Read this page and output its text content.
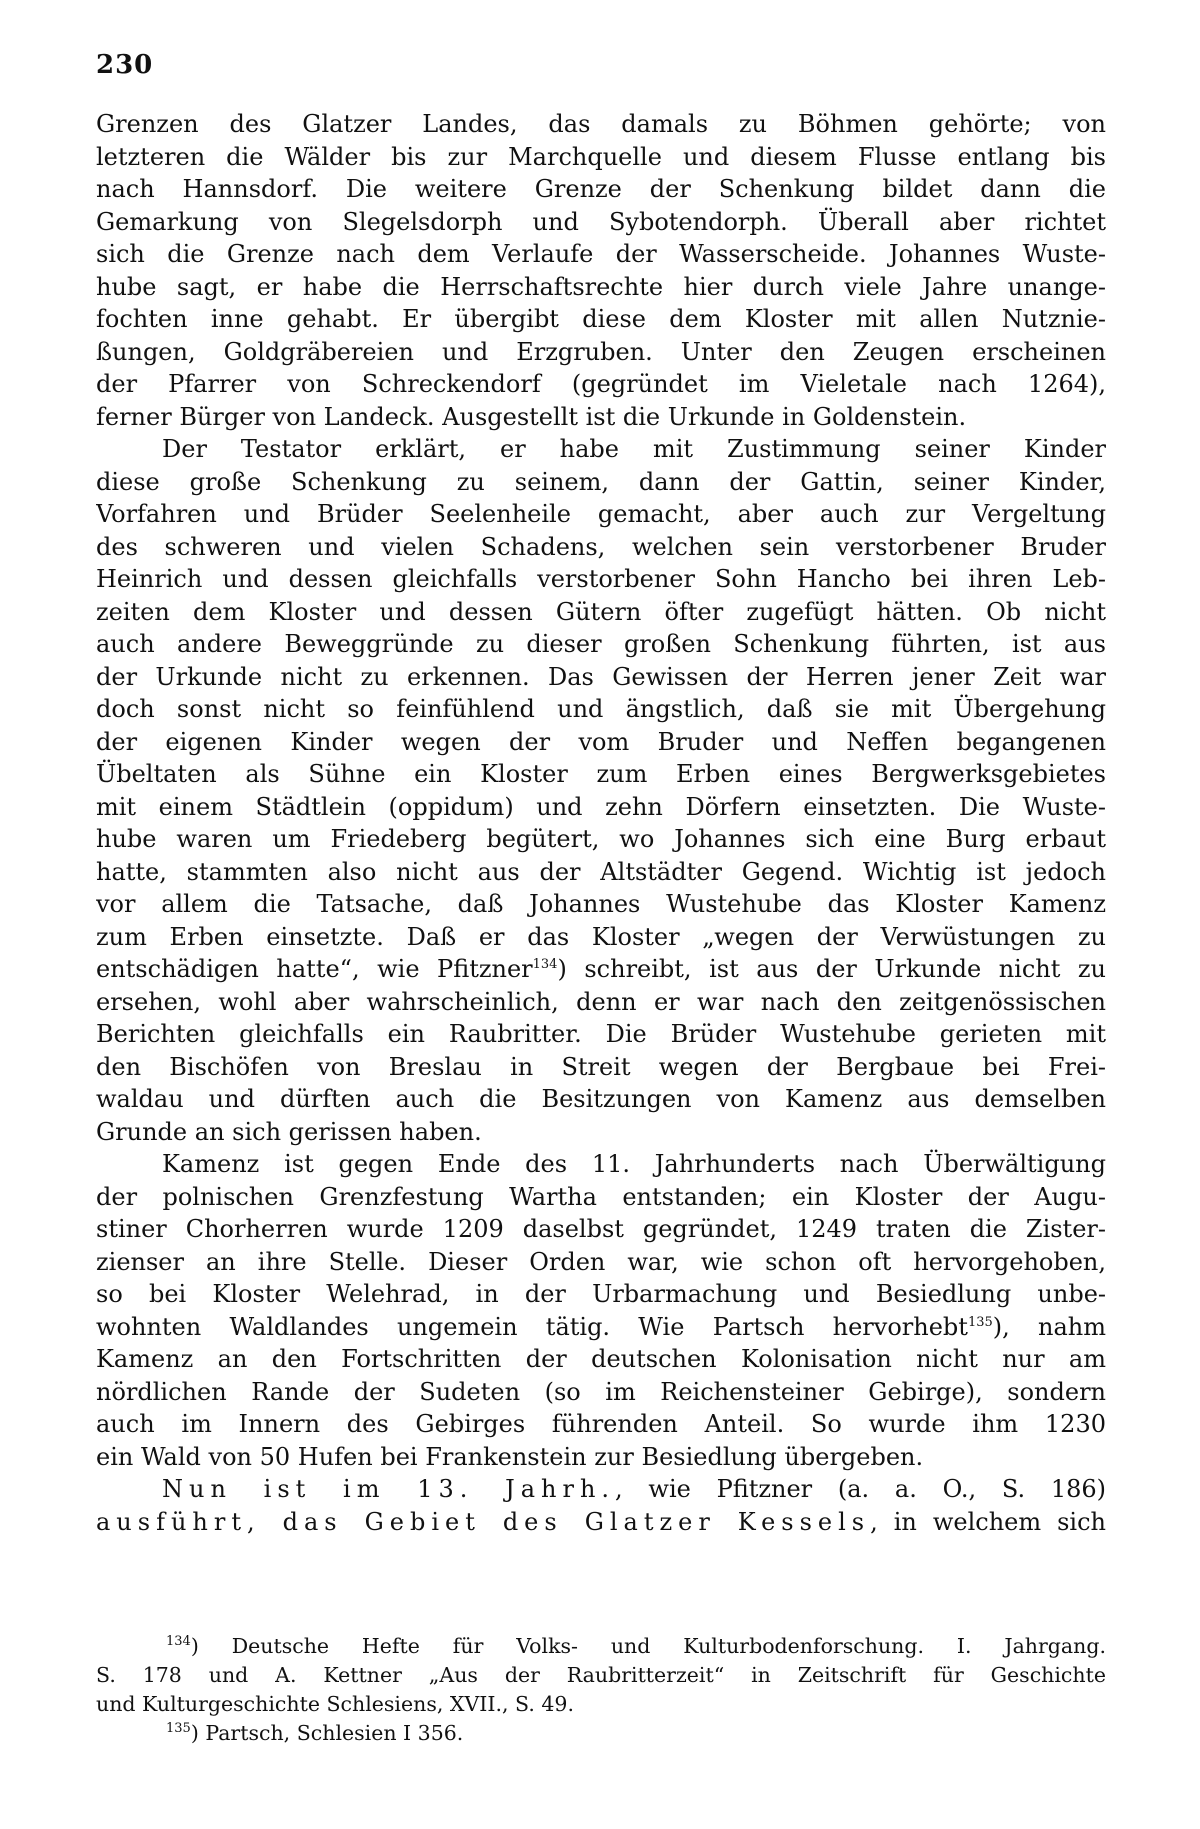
230
Grenzen des Glatzer Landes, das damals zu Böhmen gehörte; von
letzteren die Wälder bis zur Marchquelle und diesem Flusse entlang bis
nach Hannsdorf. Die weitere Grenze der Schenkung bildet dann die
Gemarkung von Slegelsdorph und Sybotendorph. Überall aber richtet
sich die Grenze nach dem Verlaufe der Wasserscheide. Johannes Wuste-
hube sagt, er habe die Herrschaftsrechte hier durch viele Jahre unange-
fochten inne gehabt. Er übergibt diese dem Kloster mit allen Nutznie-
ßungen, Goldgräbereien und Erzgruben. Unter den Zeugen erscheinen
der Pfarrer von Schreckendorf (gegründet im Vieletale nach 1264),
ferner Bürger von Landeck. Ausgestellt ist die Urkunde in Goldenstein.
Der Testator erklärt, er habe mit Zustimmung seiner Kinder
diese große Schenkung zu seinem, dann der Gattin, seiner Kinder,
Vorfahren und Brüder Seelenheile gemacht, aber auch zur Vergeltung
des schweren und vielen Schadens, welchen sein verstorbener Bruder
Heinrich und dessen gleichfalls verstorbener Sohn Hancho bei ihren Leb-
zeiten dem Kloster und dessen Gütern öfter zugefügt hätten. Ob nicht
auch andere Beweggründe zu dieser großen Schenkung führten, ist aus
der Urkunde nicht zu erkennen. Das Gewissen der Herren jener Zeit war
doch sonst nicht so feinfühlend und ängstlich, daß sie mit Übergehung
der eigenen Kinder wegen der vom Bruder und Neffen begangenen
Übeltaten als Sühne ein Kloster zum Erben eines Bergwerksgebietes
mit einem Städtlein (oppidum) und zehn Dörfern einsetzten. Die Wuste-
hube waren um Friedeberg begütert, wo Johannes sich eine Burg erbaut
hatte, stammten also nicht aus der Altstädter Gegend. Wichtig ist jedoch
vor allem die Tatsache, daß Johannes Wustehube das Kloster Kamenz
zum Erben einsetzte. Daß er das Kloster „wegen der Verwüstungen zu
entschädigen hatte“, wie Pfitzner$^{134}$) schreibt, ist aus der Urkunde nicht zu
ersehen, wohl aber wahrscheinlich, denn er war nach den zeitgenössischen
Berichten gleichfalls ein Raubritter. Die Brüder Wustehube gerieten mit
den Bischöfen von Breslau in Streit wegen der Bergbaue bei Frei-
waldau und dürften auch die Besitzungen von Kamenz aus demselben
Grunde an sich gerissen haben.
Kamenz ist gegen Ende des 11. Jahrhunderts nach Überwältigung
der polnischen Grenzfestung Wartha entstanden; ein Kloster der Augu-
stiner Chorherren wurde 1209 daselbst gegründet, 1249 traten die Zister-
zienser an ihre Stelle. Dieser Orden war, wie schon oft hervorgehoben,
so bei Kloster Welehrad, in der Urbarmachung und Besiedlung unbe-
wohnten Waldlandes ungemein tätig. Wie Partsch hervorhebt$^{135}$), nahm
Kamenz an den Fortschritten der deutschen Kolonisation nicht nur am
nördlichen Rande der Sudeten (so im Reichensteiner Gebirge), sondern
auch im Innern des Gebirges führenden Anteil. So wurde ihm 1230
ein Wald von 50 Hufen bei Frankenstein zur Besiedlung übergeben.
Nun ist im 13. Jahrh., wie Pfitzner (a. a. O., S. 186)
ausführt, das Gebiet des Glatzer Kessels, in welchem sich
$^{134}$) Deutsche Hefte für Volks- und Kulturbodenforschung. I. Jahrgang.
S. 178 und A. Kettner „Aus der Raubritterzeit“ in Zeitschrift für Geschichte
und Kulturgeschichte Schlesiens, XVII., S. 49.
$^{135}$) Partsch, Schlesien I 356.
